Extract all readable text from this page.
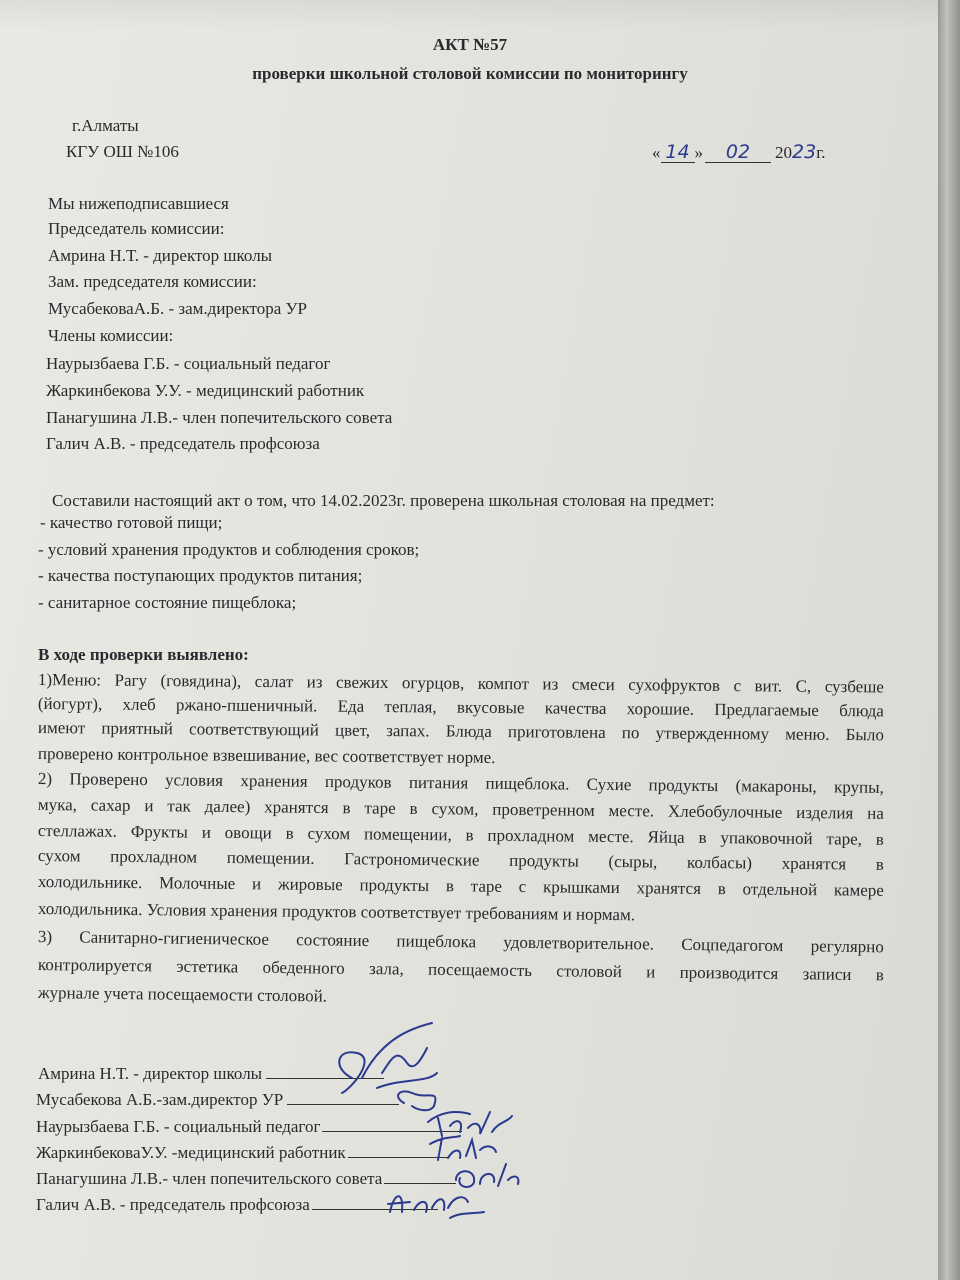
АКТ №57
проверки школьной столовой комиссии по мониторингу
г.Алматы
КГУ ОШ №106	« 14 » 02 2023г.
Мы нижеподписавшиеся
Председатель комиссии:
Амрина Н.Т. - директор школы
Зам. председателя комиссии:
МусабековаА.Б. - зам.директора УР
Члены комиссии:
Наурызбаева Г.Б. - социальный педагог
Жаркинбекова У.У. - медицинский работник
Панагушина Л.В.- член попечительского совета
Галич А.В. - председатель профсоюза
Составили настоящий акт о том, что 14.02.2023г. проверена школьная столовая на предмет:
- качество готовой пищи;
- условий хранения продуктов и соблюдения сроков;
- качества поступающих продуктов питания;
- санитарное состояние пищеблока;
В ходе проверки выявлено:
1)Меню: Рагу (говядина), салат из свежих огурцов, компот из смеси сухофруктов с вит. С, сузбеше
(йогурт), хлеб ржано-пшеничный. Еда теплая, вкусовые качества хорошие. Предлагаемые блюда
имеют приятный соответствующий цвет, запах. Блюда приготовлена по утвержденному меню. Было
проверено контрольное взвешивание, вес соответствует норме.
2) Проверено условия хранения продуков питания пищеблока. Сухие продукты (макароны, крупы,
мука, сахар и так далее) хранятся в таре в сухом, проветренном месте. Хлебобулочные изделия на
стеллажах. Фрукты и овощи в сухом помещении, в прохладном месте. Яйца в упаковочной таре, в
сухом прохладном помещении. Гастрономические продукты (сыры, колбасы) хранятся в
холодильнике. Молочные и жировые продукты в таре с крышками хранятся в отдельной камере
холодильника. Условия хранения продуктов соответствует требованиям и нормам.
3) Санитарно-гигиеническое состояние пищеблока удовлетворительное. Соцпедагогом регулярно
контролируется эстетика обеденного зала, посещаемость столовой и производится записи в
журнале учета посещаемости столовой.
Амрина Н.Т. - директор школы
Мусабекова А.Б.-зам.директор УР
Наурызбаева Г.Б. - социальный педагог
ЖаркинбековаУ.У. -медицинский работник
Панагушина Л.В.- член попечительского совета
Галич А.В. - председатель профсоюза
